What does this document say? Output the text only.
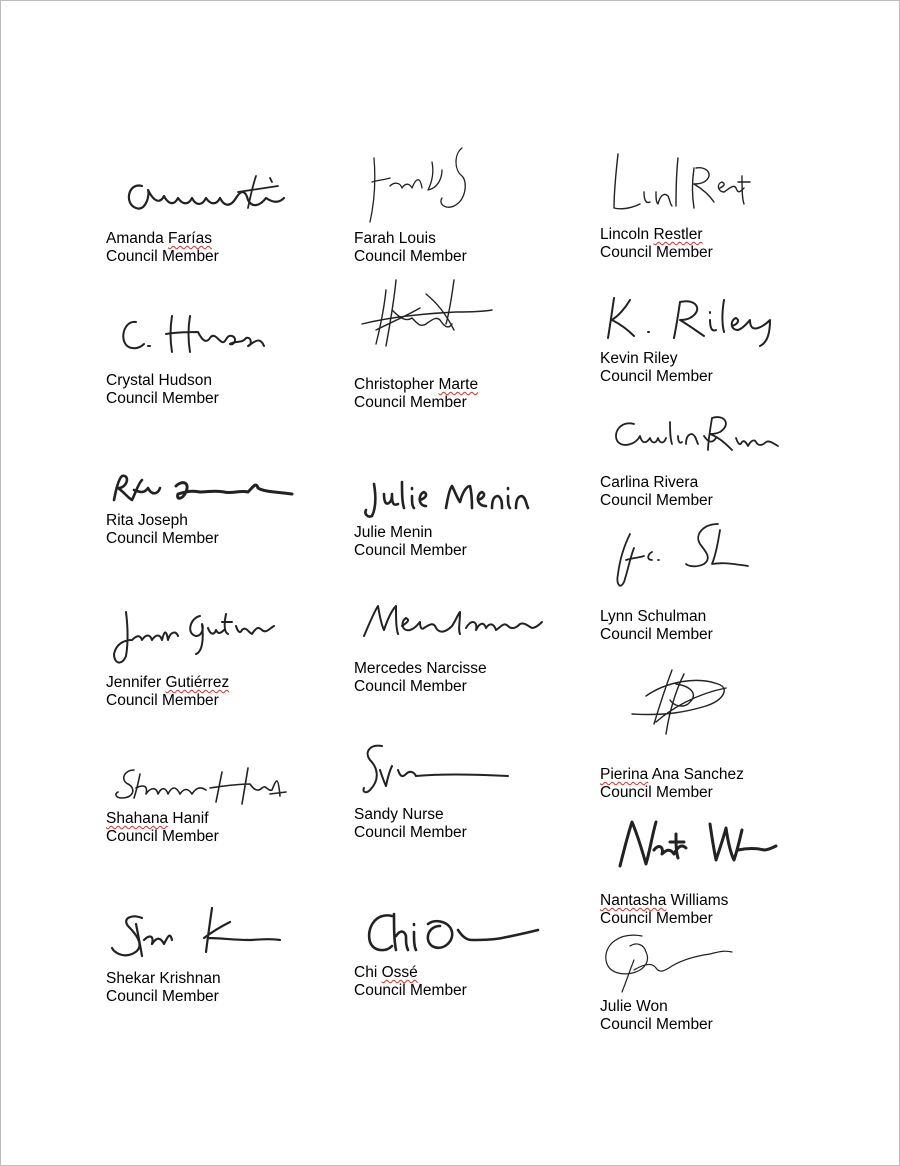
Amanda Farías
Council Member
Crystal Hudson
Council Member
Rita Joseph
Council Member
Jennifer Gutiérrez
Council Member
Shahana Hanif
Council Member
Shekar Krishnan
Council Member
Farah Louis
Council Member
Christopher Marte
Council Member
Julie Menin
Council Member
Mercedes Narcisse
Council Member
Sandy Nurse
Council Member
Chi Ossé
Council Member
Lincoln Restler
Council Member
Kevin Riley
Council Member
Carlina Rivera
Council Member
Lynn Schulman
Council Member
Pierina Ana Sanchez
Council Member
Nantasha Williams
Council Member
Julie Won
Council Member
